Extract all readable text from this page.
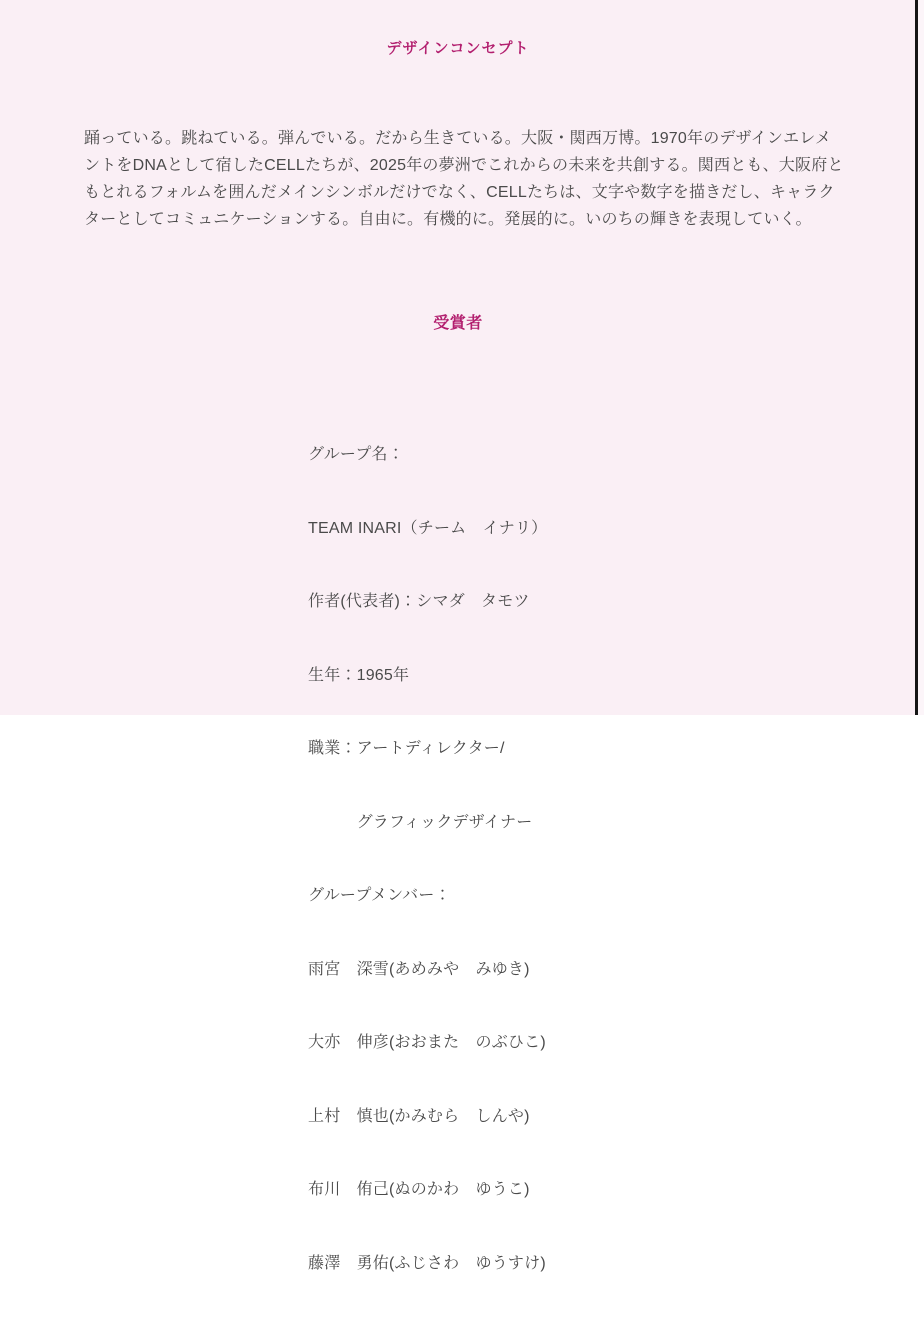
デザインコンセプト
踊っている。跳ねている。弾んでいる。だから生きている。大阪・関西万博。1970年のデザインエレメ
ントをDNAとして宿したCELLたちが、2025年の夢洲でこれからの未来を共創する。関西とも、大阪府と
もとれるフォルムを囲んだメインシンボルだけでなく、CELLたちは、文字や数字を描きだし、キャラク
ターとしてコミュニケーションする。自由に。有機的に。発展的に。いのちの輝きを表現していく。
受賞者

グループ名：

TEAM INARI（チーム　イナリ）

作者(代表者)：シマダ　タモツ

生年：1965年

職業：アートディレクター/

　　　グラフィックデザイナー

グループメンバー：

雨宮　深雪(あめみや　みゆき)

大亦　伸彦(おおまた　のぶひこ)

上村　慎也(かみむら　しんや)

布川　侑己(ぬのかわ　ゆうこ)

藤澤　勇佑(ふじさわ　ゆうすけ)
